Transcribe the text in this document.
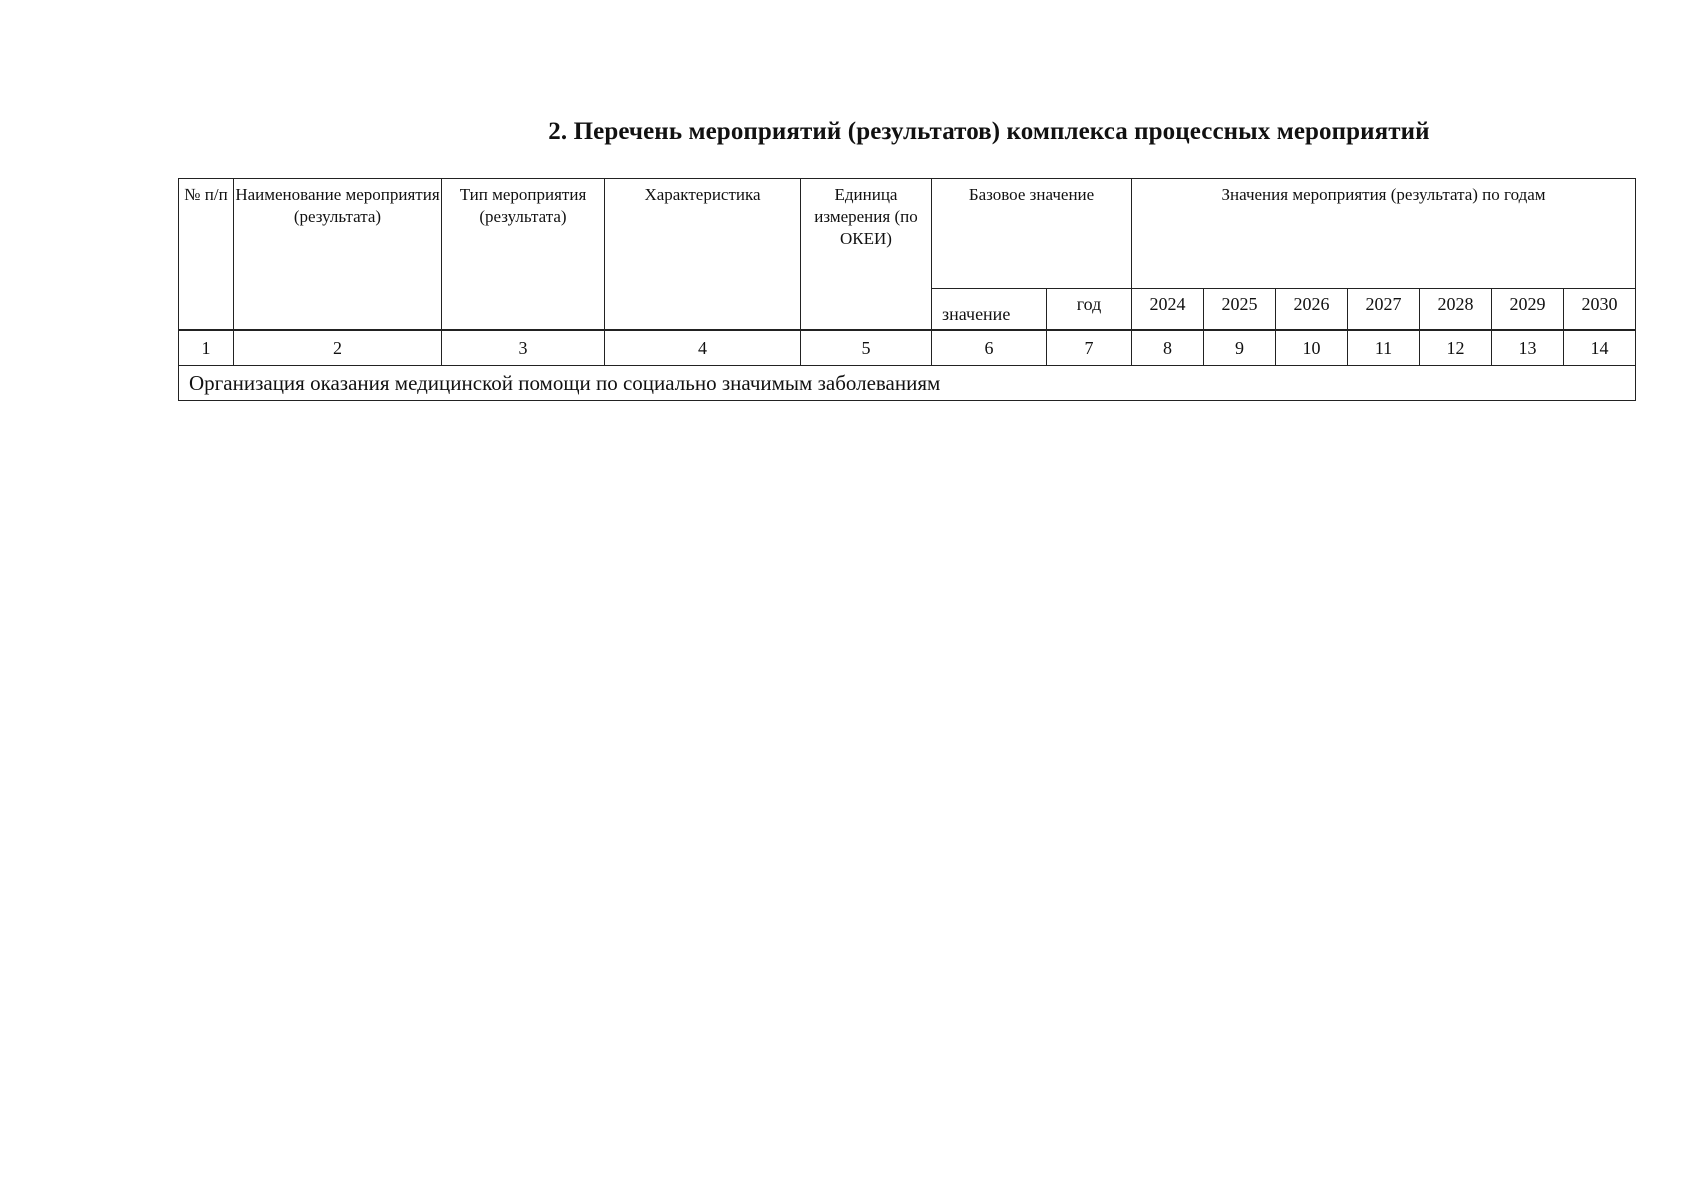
2. Перечень мероприятий (результатов) комплекса процессных мероприятий
№ п/п	Наименование мероприятия (результата)	Тип мероприятия (результата)	Характеристика	Единица измерения (по ОКЕИ)	Базовое значение		Значения мероприятия (результата) по годам						
					значение	год	2024	2025	2026	2027	2028	2029	2030
1	2	3	4	5	6	7	8	9	10	11	12	13	14
Организация оказания медицинской помощи по социально значимым заболеваниям
